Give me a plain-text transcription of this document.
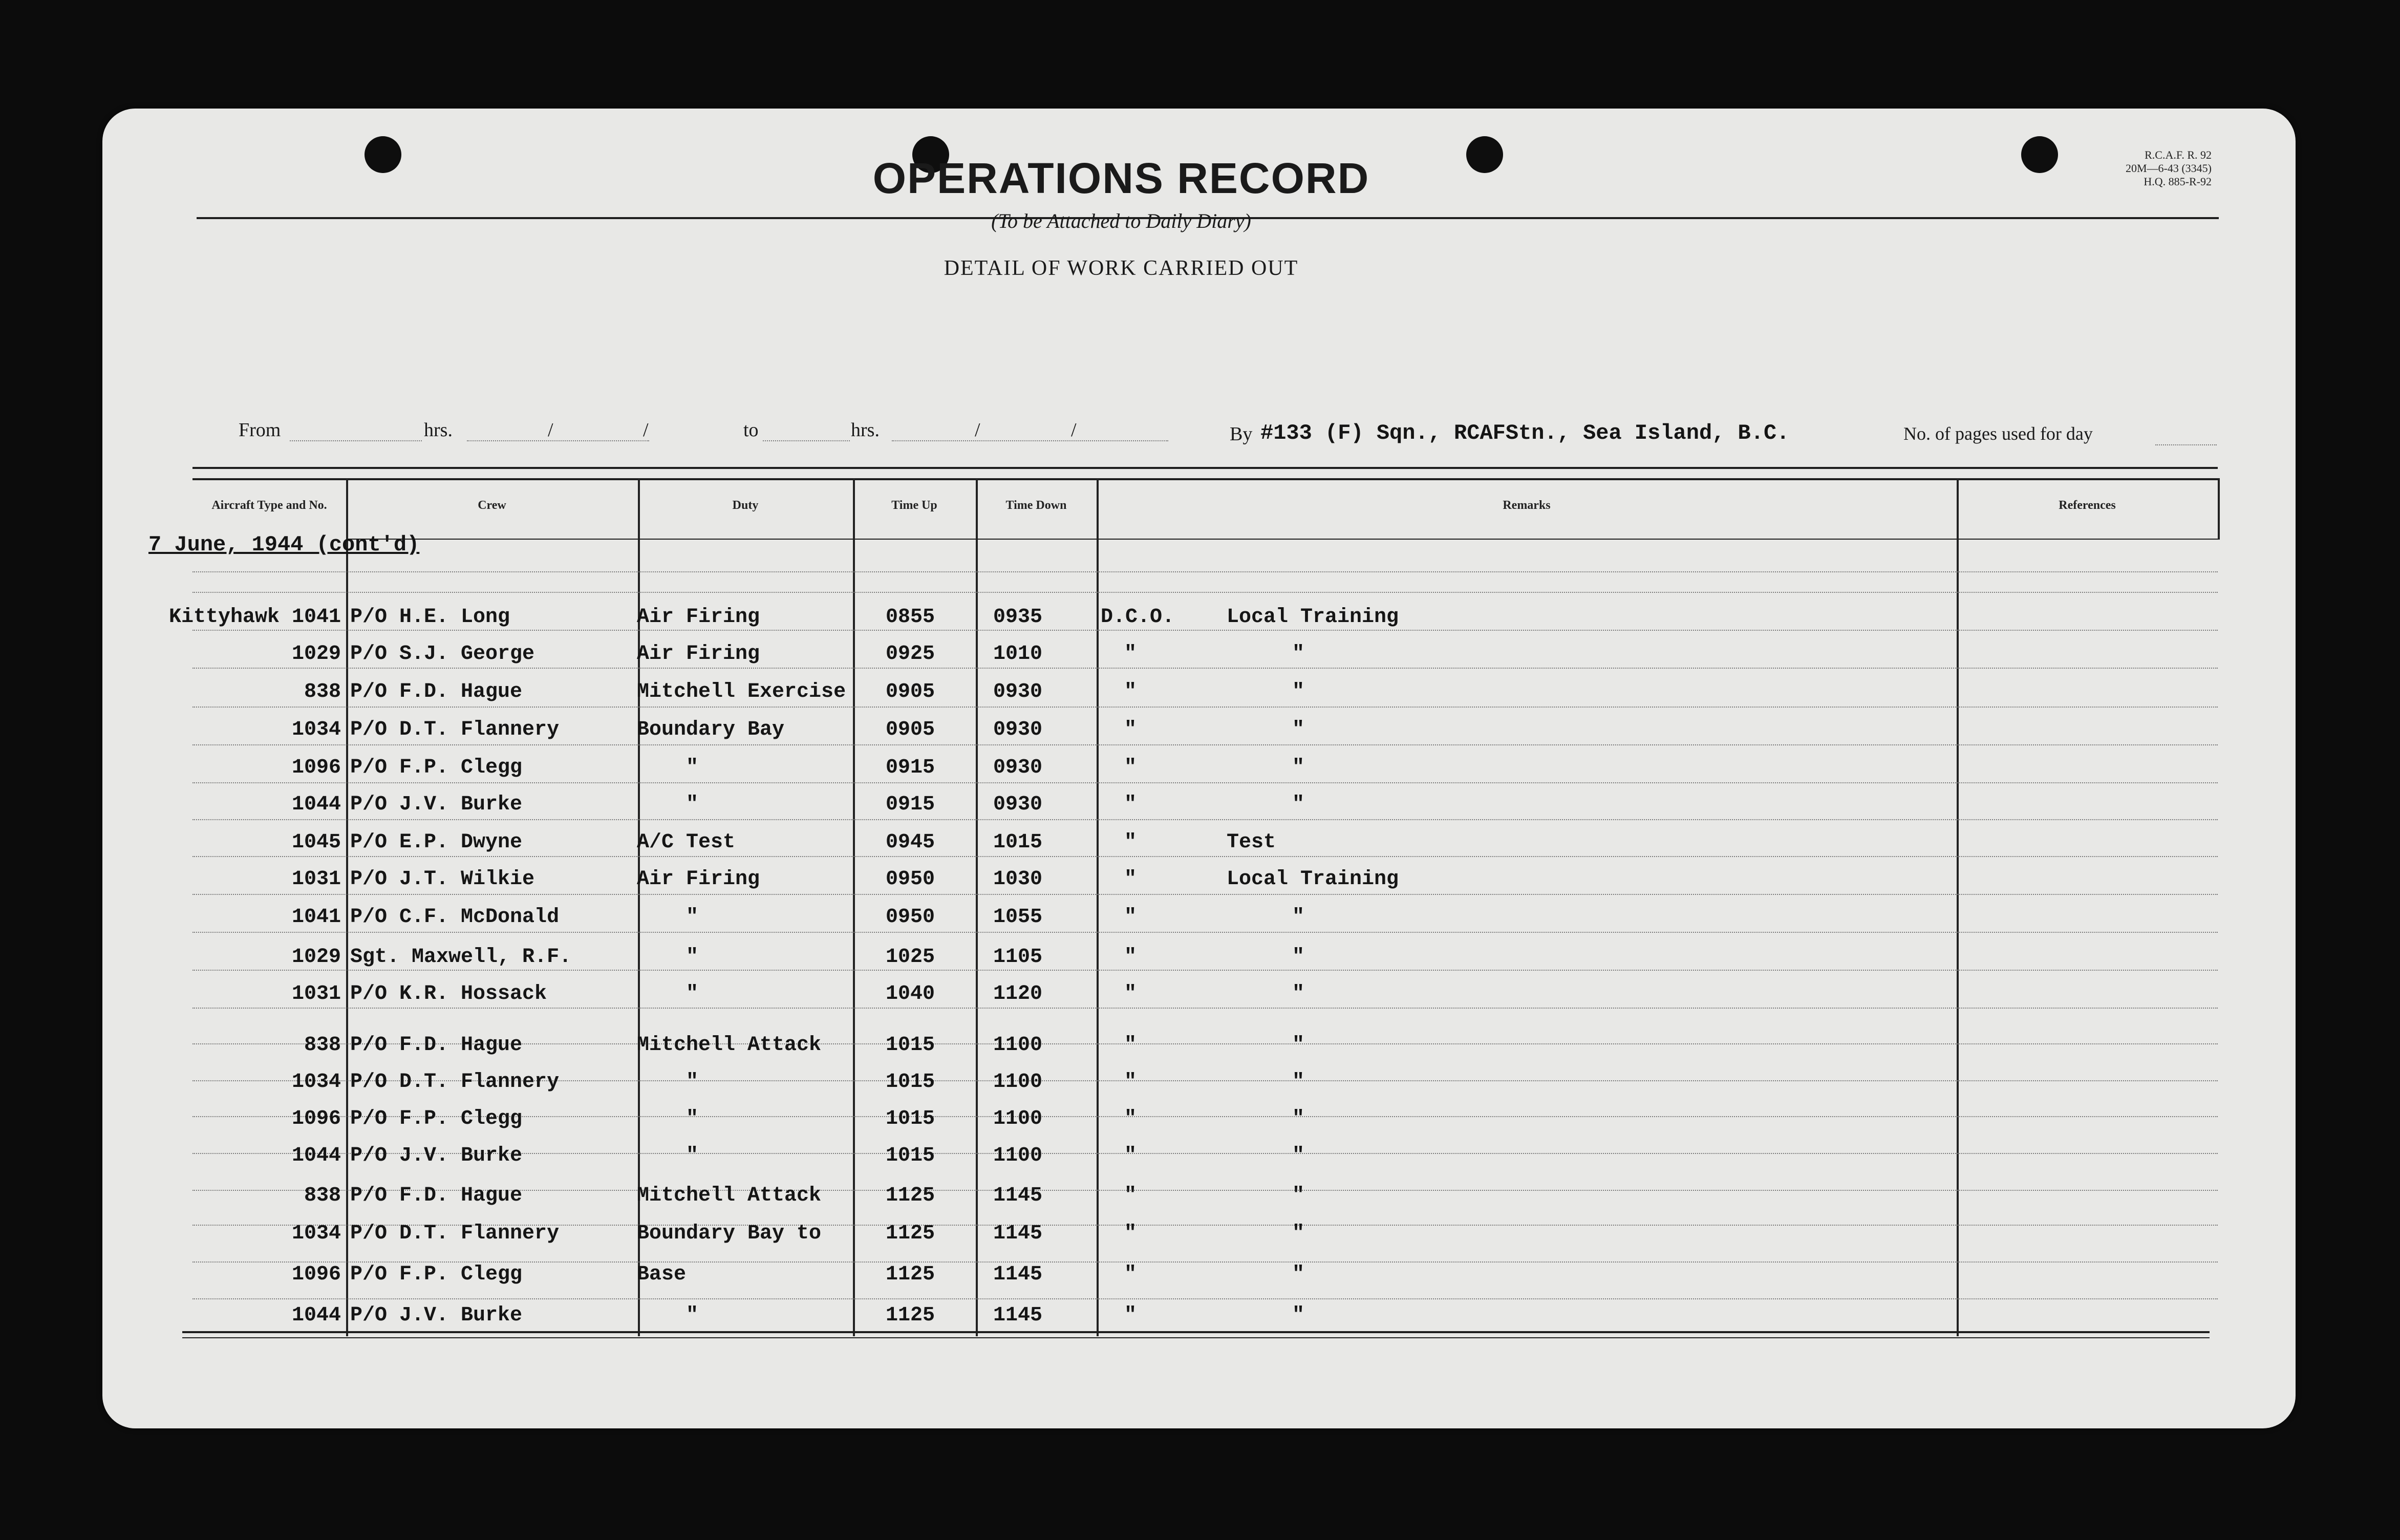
OPERATIONS RECORD
(To be Attached to Daily Diary)
DETAIL OF WORK CARRIED OUT
R.C.A.F. R. 92
20M—6-43 (3345)
H.Q. 885-R-92
From	hrs.	/	/	to	hrs.	/	/	By #133 (F) Sqn., RCAFStn., Sea Island, B.C.	No. of pages used for day
Aircraft Type and No.	Crew	Duty	Time Up	Time Down	Remarks	References
7 June, 1944 (cont'd)
Kittyhawk 1041 P/O H.E. Long	Air Firing	0855	0935	D.C.O.	Local Training
1029 P/O S.J. George	Air Firing	0925	1010	"	"
838 P/O F.D. Hague	Mitchell Exercise 0905	0930	"	"
1034 P/O D.T. Flannery	Boundary Bay	0905	0930	"	"
1096 P/O F.P. Clegg	"	0915	0930	"	"
1044 P/O J.V. Burke	"	0915	0930	"	"
1045 P/O E.P. Dwyne	A/C Test	0945	1015	"	Test
1031 P/O J.T. Wilkie	Air Firing	0950	1030	"	Local Training
1041 P/O C.F. McDonald	"	0950	1055	"	"
1029 Sgt. Maxwell, R.F.	"	1025	1105	"	"
1031 P/O K.R. Hossack	"	1040	1120	"	"
838 P/O F.D. Hague	Mitchell Attack	1015	1100	"	"
1034 P/O D.T. Flannery	"	1015	1100	"	"
1096 P/O F.P. Clegg	"	1015	1100	"	"
1044 P/O J.V. Burke	"	1015	1100	"	"
838 P/O F.D. Hague	Mitchell Attack	1125	1145	"	"
1034 P/O D.T. Flannery	Boundary Bay to	1125	1145	"	"
1096 P/O F.P. Clegg	Base	1125	1145	"	"
1044 P/O J.V. Burke	"	1125	1145	"	"
